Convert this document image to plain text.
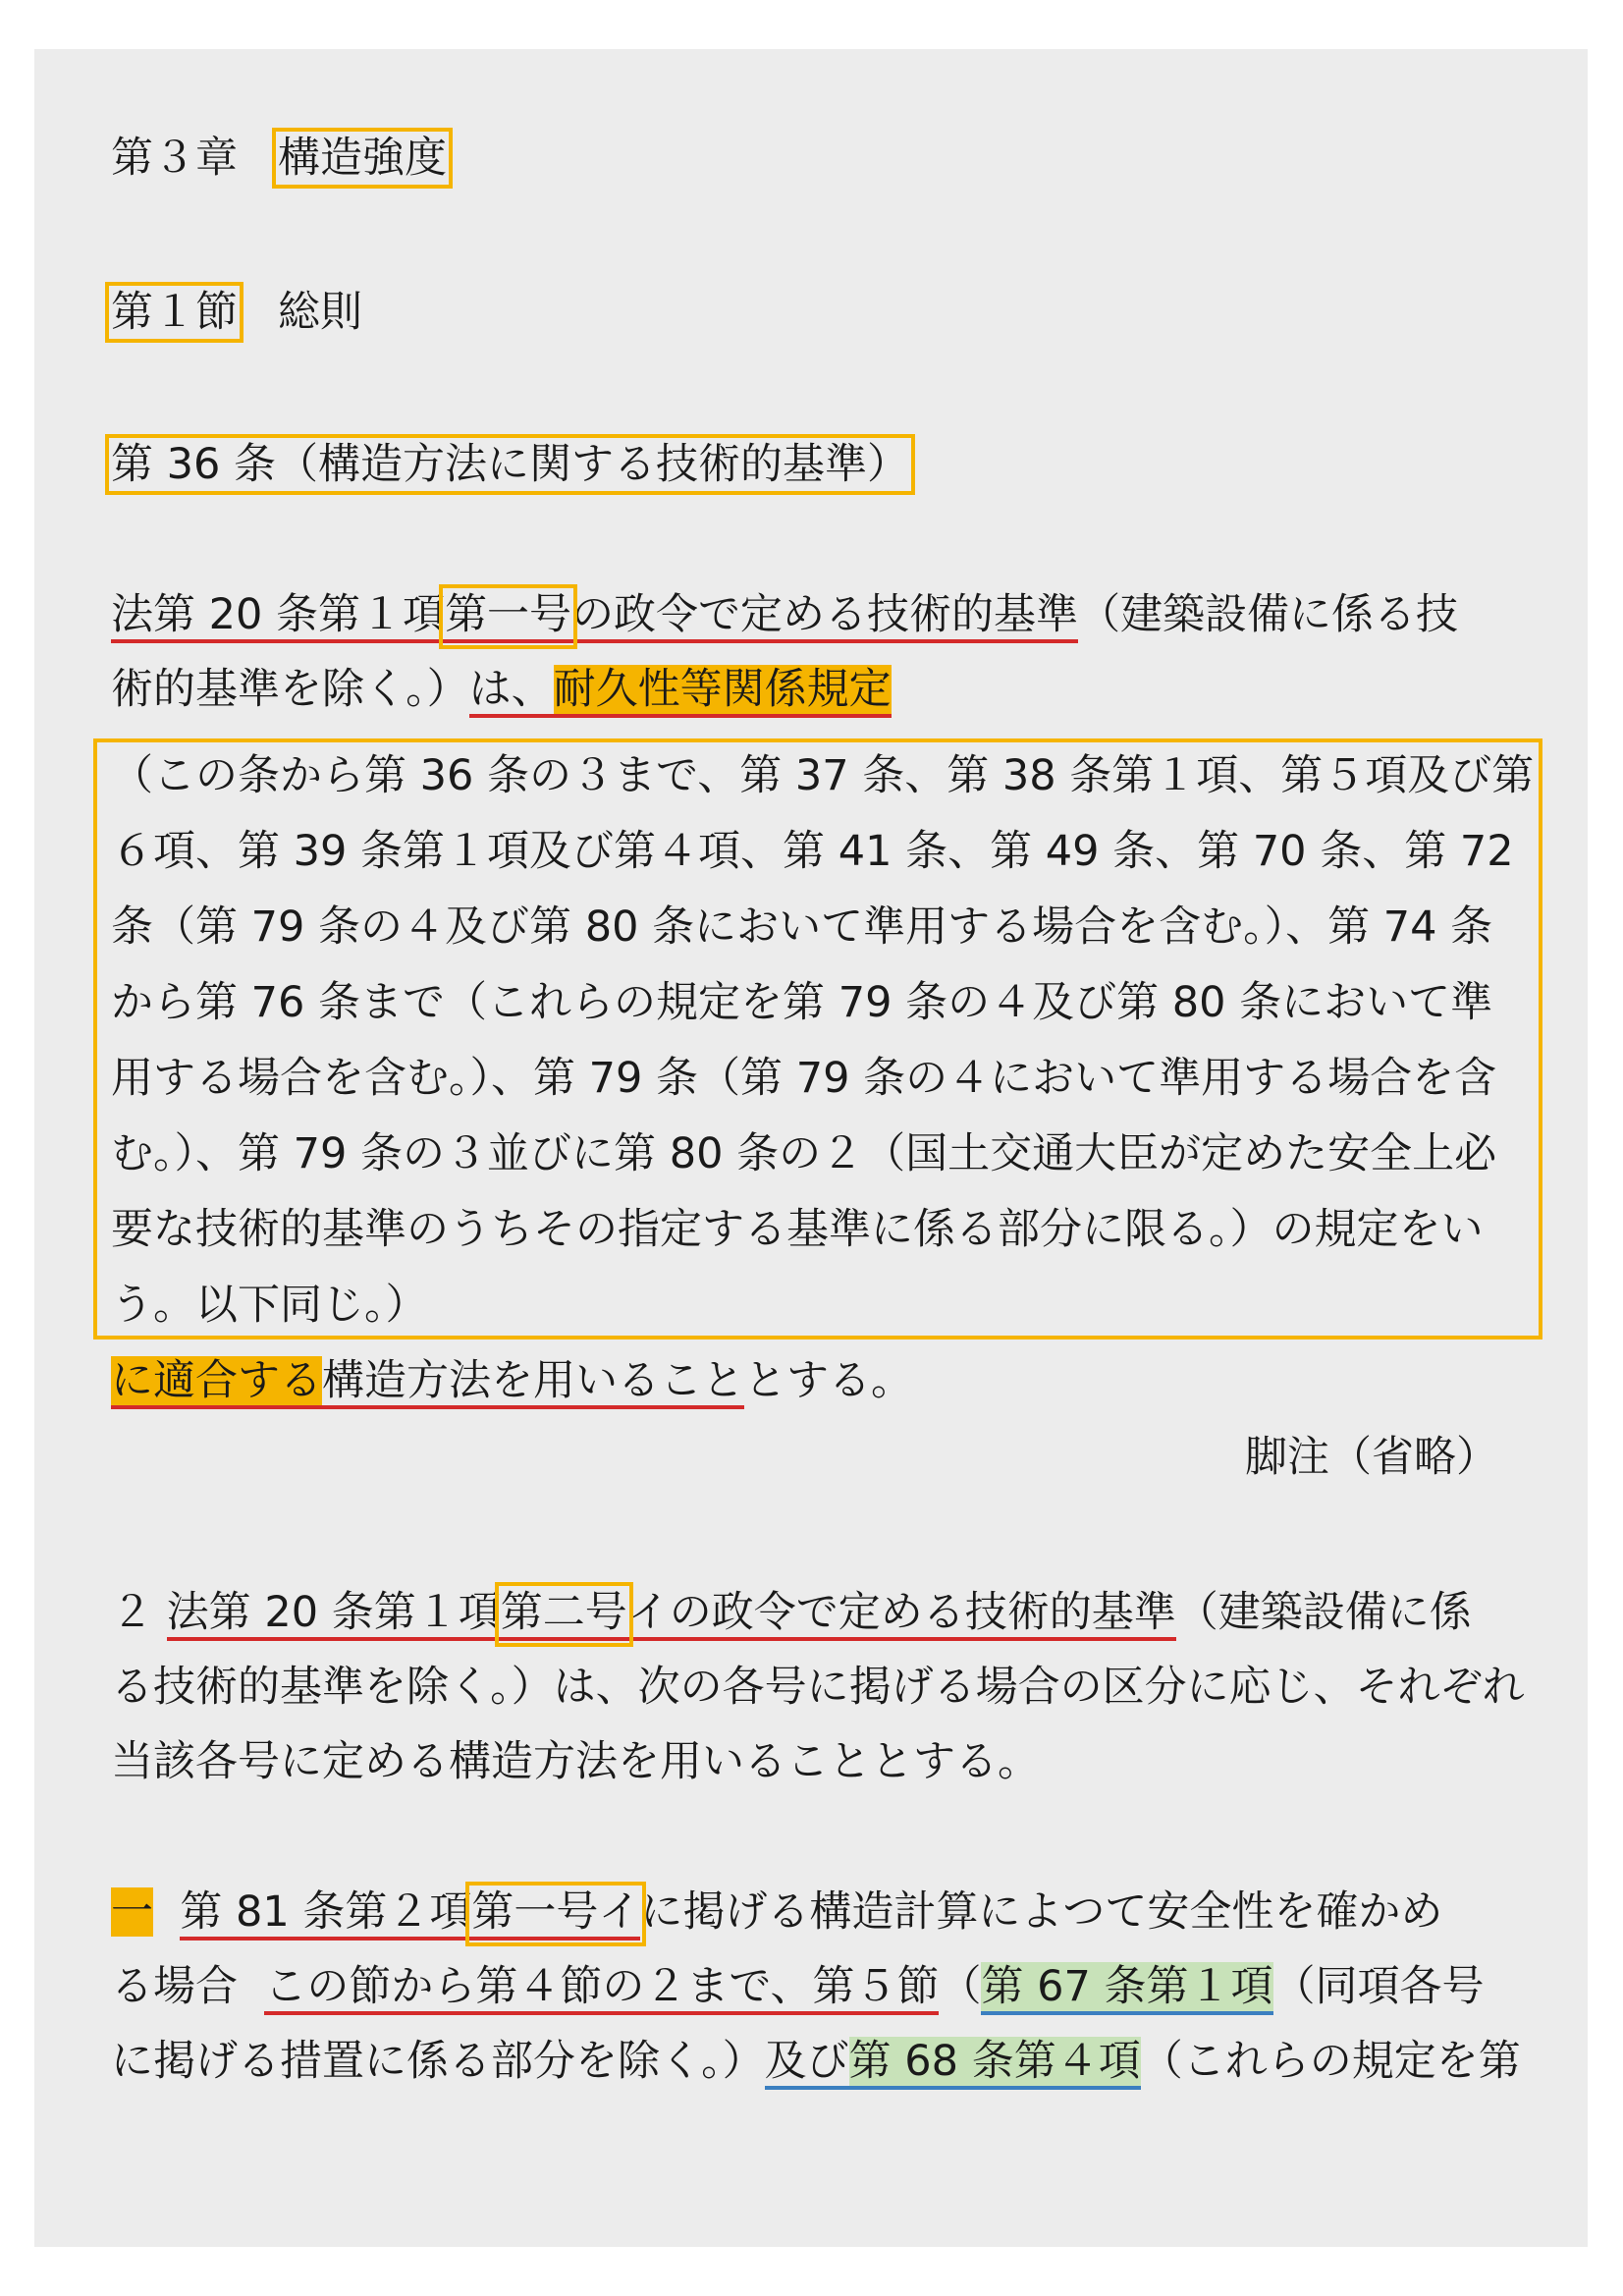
第３章 構造強度
第１節 総則
第 36 条（構造方法に関する技術的基準）
法第 20 条第１項第一号の政令で定める技術的基準（建築設備に係る技
術的基準を除く。）は、耐久性等関係規定
（この条から第 36 条の３まで、第 37 条、第 38 条第１項、第５項及び第
６項、第 39 条第１項及び第４項、第 41 条、第 49 条、第 70 条、第 72
条（第 79 条の４及び第 80 条において準用する場合を含む。）、第 74 条
から第 76 条まで（これらの規定を第 79 条の４及び第 80 条において準
用する場合を含む。）、第 79 条（第 79 条の４において準用する場合を含
む。）、第 79 条の３並びに第 80 条の２（国土交通大臣が定めた安全上必
要な技術的基準のうちその指定する基準に係る部分に限る。）の規定をい
う。以下同じ。）
に適合する構造方法を用いることとする。
脚注（省略）
２ 法第 20 条第１項第二号イの政令で定める技術的基準（建築設備に係
る技術的基準を除く。）は、次の各号に掲げる場合の区分に応じ、それぞれ
当該各号に定める構造方法を用いることとする。
一 第 81 条第２項第一号イに掲げる構造計算によつて安全性を確かめ
る場合 この節から第４節の２まで、第５節（第 67 条第１項（同項各号
に掲げる措置に係る部分を除く。）及び第 68 条第４項（これらの規定を第
